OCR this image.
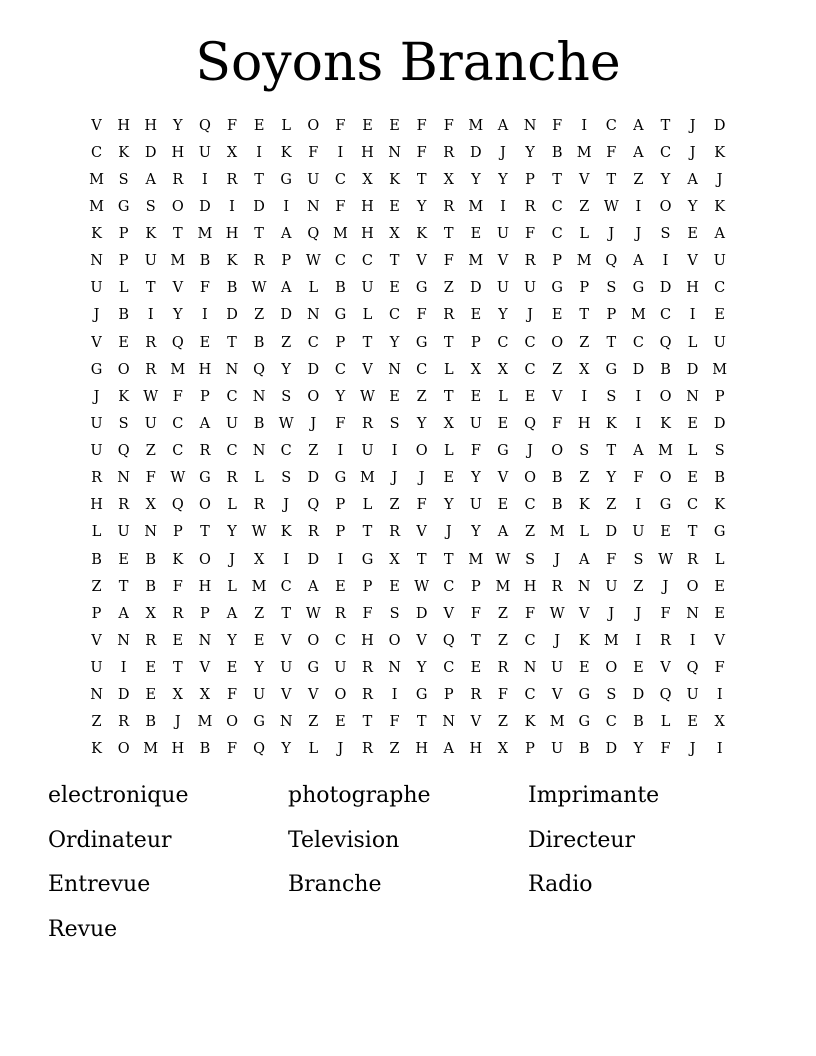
Soyons Branche
V	H H	Y	Q	F	E	L	O	F	E	E	F	F	M A	N	F	I	C	A	T	J	D
C	K	D	H	U	X	I	K	F	I	H N	F	R	D	J	Y	B M	F	A	C	J	K
M	S	A	R	I	R	T	G	U	C	X	K	T	X	Y	Y	P	T	V	T	Z	Y	A	J
M G	S	O	D	I	D	I	N	F	H	E	Y	R M	I	R	C	Z	W	I	O	Y	K
K	P	K	T	M H	T	A	Q M H	X	K	T	E	U	F	C	L	J	J	S	E	A
N	P	U M B	K	R	P	W C	C	T	V	F	M V	R	P	M Q	A	I	V	U
U	L	T	V	F	B W A	L	B	U	E	G	Z	D	U	U	G	P	S	G	D	H	C
J	B	I	Y	I	D	Z	D	N	G	L	C	F	R	E	Y	J	E	T	P	M C	I	E
V	E	R	Q	E	T	B	Z	C	P	T	Y	G	T	P	C	C	O	Z	T	C	Q	L	U
G	O	R M H N	Q	Y	D	C	V	N	C	L	X	X	C	Z	X	G	D	B	D M
J	K W	F	P	C	N	S	O	Y	W E	Z	T	E	L	E	V	I	S	I	O	N	P
U	S	U	C	A	U	B W	J	F	R	S	Y	X	U	E	Q	F	H	K	I	K	E	D
U	Q	Z	C	R	C	N	C	Z	I	U	I	O	L	F	G	J	O	S	T	A M	L	S
R	N	F	W G	R	L	S	D	G M	J	J	E	Y	V	O	B	Z	Y	F	O	E	B
H	R	X	Q	O	L	R	J	Q	P	L	Z	F	Y	U	E	C	B	K	Z	I	G	C	K
L	U	N	P	T	Y	W K	R	P	T	R	V	J	Y	A	Z	M	L	D	U	E	T	G
B	E	B	K	O	J	X	I	D	I	G	X	T	T	M W	S	J	A	F	S	W R	L
Z	T	B	F	H	L	M C	A	E	P	E W C	P	M H	R	N	U	Z	J	O	E
P	A	X	R	P	A	Z	T	W R	F	S	D	V	F	Z	F	W V	J	J	F	N	E
V	N	R	E	N	Y	E	V	O	C	H	O	V	Q	T	Z	C	J	K M	I	R	I	V
U	I	E	T	V	E	Y	U	G	U	R	N	Y	C	E	R	N	U	E	O	E	V	Q	F
N	D	E	X	X	F	U	V	V	O	R	I	G	P	R	F	C	V	G	S	D	Q	U	I
Z	R	B	J	M O	G	N	Z	E	T	F	T	N	V	Z	K M G	C	B	L	E	X
K	O M H	B	F	Q	Y	L	J	R	Z	H	A	H	X	P	U	B	D	Y	F	J	I
electronique	photographe	Imprimante
Ordinateur	Television	Directeur
Entrevue	Branche	Radio
Revue
